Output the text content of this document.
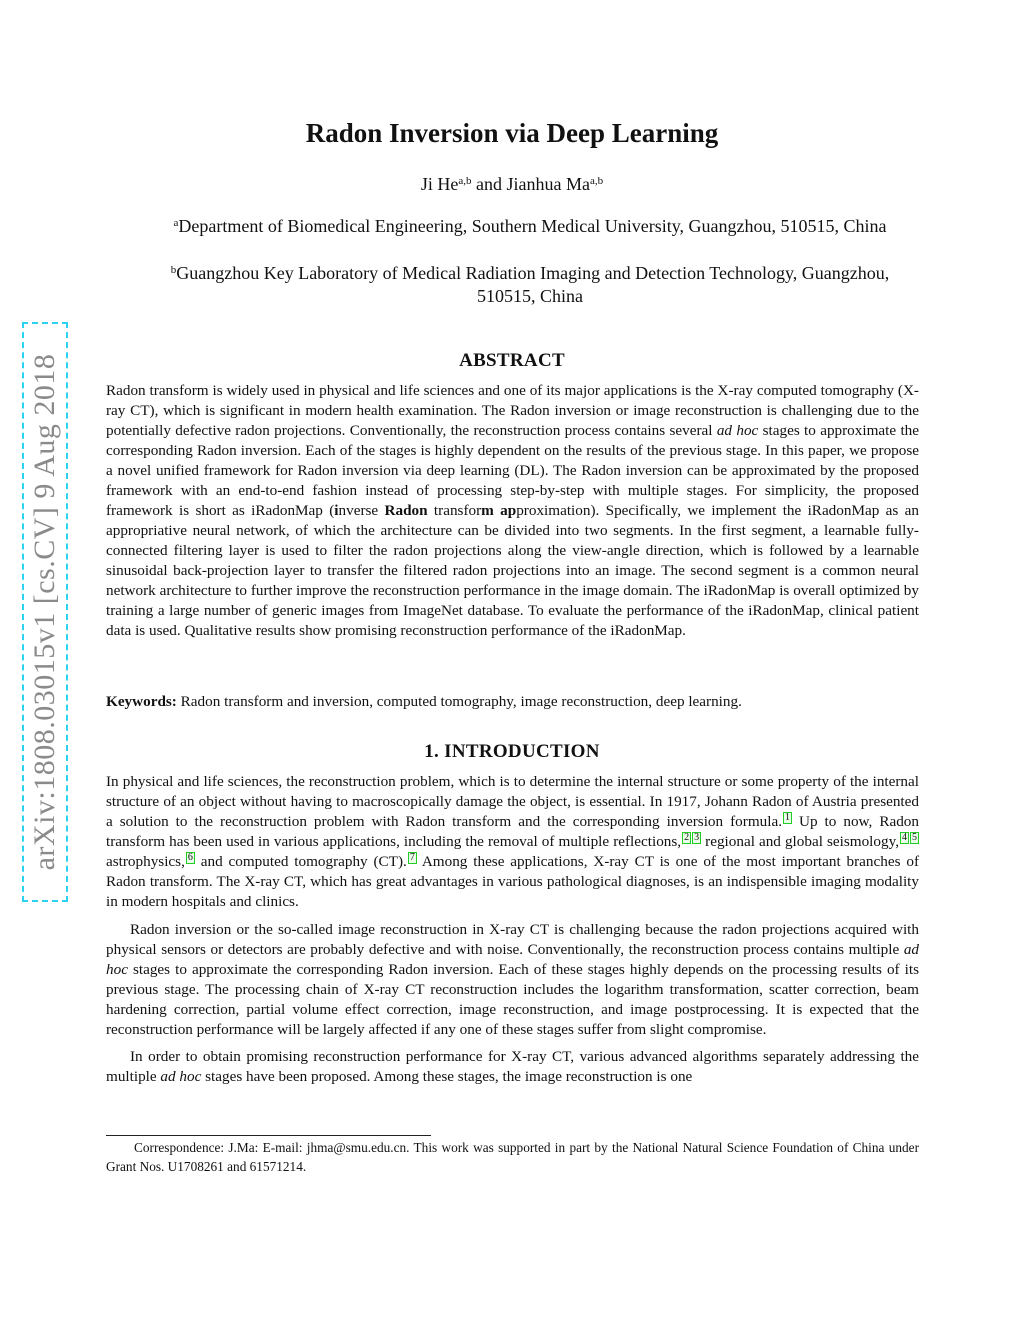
arXiv:1808.03015v1 [cs.CV] 9 Aug 2018
Radon Inversion via Deep Learning
Ji He$^{a,b}$ and Jianhua Ma$^{a,b}$
$^a$Department of Biomedical Engineering, Southern Medical University, Guangzhou, 510515, China
$^b$Guangzhou Key Laboratory of Medical Radiation Imaging and Detection Technology, Guangzhou, 510515, China
ABSTRACT

Radon transform is widely used in physical and life sciences and one of its major applications is the X-ray computed tomography (X-ray CT), which is significant in modern health examination. The Radon inversion or image reconstruction is challenging due to the potentially defective radon projections. Conventionally, the reconstruction process contains several ad hoc stages to approximate the corresponding Radon inversion. Each of the stages is highly dependent on the results of the previous stage. In this paper, we propose a novel unified framework for Radon inversion via deep learning (DL). The Radon inversion can be approximated by the proposed framework with an end-to-end fashion instead of processing step-by-step with multiple stages. For simplicity, the proposed framework is short as iRadonMap (inverse Radon transform approximation). Specifically, we implement the iRadonMap as an appropriative neural network, of which the architecture can be divided into two segments. In the first segment, a learnable fully-connected filtering layer is used to filter the radon projections along the view-angle direction, which is followed by a learnable sinusoidal back-projection layer to transfer the filtered radon projections into an image. The second segment is a common neural network architecture to further improve the reconstruction performance in the image domain. The iRadonMap is overall optimized by training a large number of generic images from ImageNet database. To evaluate the performance of the iRadonMap, clinical patient data is used. Qualitative results show promising reconstruction performance of the iRadonMap.

Keywords: Radon transform and inversion, computed tomography, image reconstruction, deep learning.

1. INTRODUCTION

In physical and life sciences, the reconstruction problem, which is to determine the internal structure or some property of the internal structure of an object without having to macroscopically damage the object, is essential. In 1917, Johann Radon of Austria presented a solution to the reconstruction problem with Radon transform and the corresponding inversion formula. 1 Up to now, Radon transform has been used in various applications, including the removal of multiple reflections, 2 3 regional and global seismology, 4 5 astrophysics, 6 and computed tomography (CT). 7 Among these applications, X-ray CT is one of the most important branches of Radon transform. The X-ray CT, which has great advantages in various pathological diagnoses, is an indispensible imaging modality in modern hospitals and clinics.

Radon inversion or the so-called image reconstruction in X-ray CT is challenging because the radon projections acquired with physical sensors or detectors are probably defective and with noise. Conventionally, the reconstruction process contains multiple ad hoc stages to approximate the corresponding Radon inversion. Each of these stages highly depends on the processing results of its previous stage. The processing chain of X-ray CT reconstruction includes the logarithm transformation, scatter correction, beam hardening correction, partial volume effect correction, image reconstruction, and image postprocessing. It is expected that the reconstruction performance will be largely affected if any one of these stages suffer from slight compromise.

In order to obtain promising reconstruction performance for X-ray CT, various advanced algorithms separately addressing the multiple ad hoc stages have been proposed. Among these stages, the image reconstruction is one

Correspondence: J.Ma: E-mail: jhma@smu.edu.cn. This work was supported in part by the National Natural Science Foundation of China under Grant Nos. U1708261 and 61571214.
